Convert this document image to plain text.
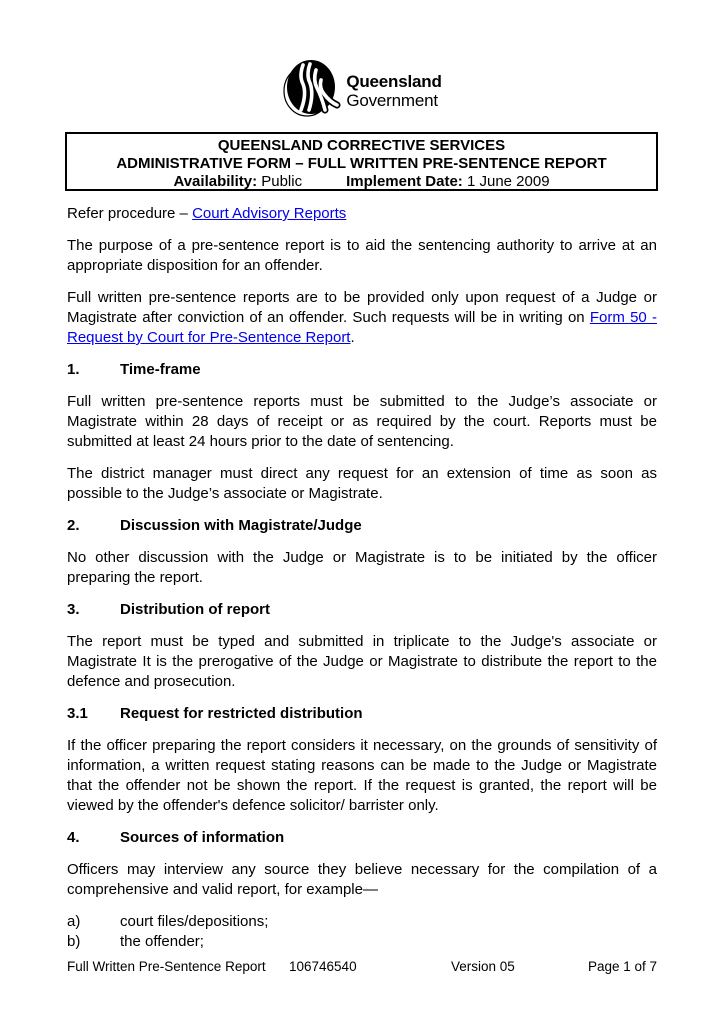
Queensland
Government
QUEENSLAND CORRECTIVE SERVICES
ADMINISTRATIVE FORM – FULL WRITTEN PRE-SENTENCE REPORT
Availability: Public	Implement Date: 1 June 2009
Refer procedure – Court Advisory Reports

The purpose of a pre-sentence report is to aid the sentencing authority to arrive at an appropriate disposition for an offender.

Full written pre-sentence reports are to be provided only upon request of a Judge or Magistrate after conviction of an offender. Such requests will be in writing on Form 50 - Request by Court for Pre-Sentence Report.

1.	Time-frame

Full written pre-sentence reports must be submitted to the Judge’s associate or Magistrate within 28 days of receipt or as required by the court. Reports must be submitted at least 24 hours prior to the date of sentencing.

The district manager must direct any request for an extension of time as soon as possible to the Judge’s associate or Magistrate.

2.	Discussion with Magistrate/Judge

No other discussion with the Judge or Magistrate is to be initiated by the officer preparing the report.

3.	Distribution of report

The report must be typed and submitted in triplicate to the Judge's associate or Magistrate It is the prerogative of the Judge or Magistrate to distribute the report to the defence and prosecution.

3.1	Request for restricted distribution

If the officer preparing the report considers it necessary, on the grounds of sensitivity of information, a written request stating reasons can be made to the Judge or Magistrate that the offender not be shown the report. If the request is granted, the report will be viewed by the offender's defence solicitor/ barrister only.

4.	Sources of information

Officers may interview any source they believe necessary for the compilation of a comprehensive and valid report, for example—

a)	court files/depositions;
b)	the offender;
Full Written Pre-Sentence Report 106746540	Version 05	Page 1 of 7
